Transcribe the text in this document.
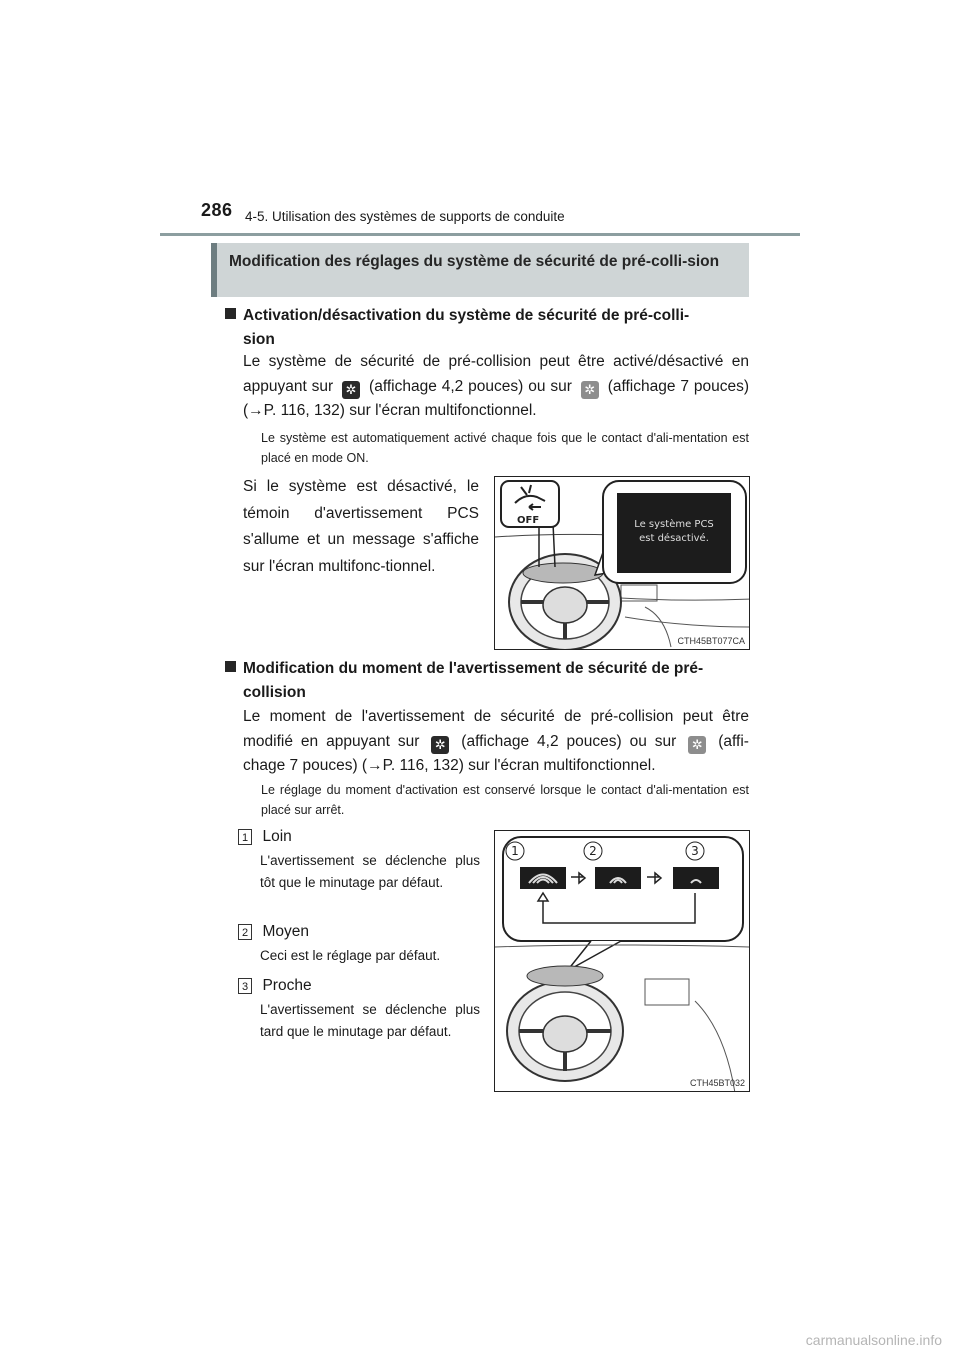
286 4-5. Utilisation des systèmes de supports de conduite
Modification des réglages du système de sécurité de pré-colli-sion
Activation/désactivation du système de sécurité de pré-colli-
sion
Le système de sécurité de pré-collision peut être activé/désactivé en appuyant sur ✲ (affichage 4,2 pouces) ou sur ✲ (affichage 7 pouces) (→P. 116, 132) sur l'écran multifonctionnel.
Le système est automatiquement activé chaque fois que le contact d'ali-mentation est placé en mode ON.
Si le système est désactivé, le témoin d'avertissement PCS s'allume et un message s'affiche sur l'écran multifonc-tionnel.
OFF	Le système PCS
est désactivé.
CTH45BT077CA
Modification du moment de l'avertissement de sécurité de pré-
collision
Le moment de l'avertissement de sécurité de pré-collision peut être modifié en appuyant sur ✲ (affichage 4,2 pouces) ou sur ✲ (affi-chage 7 pouces) (→P. 116, 132) sur l'écran multifonctionnel.
Le réglage du moment d'activation est conservé lorsque le contact d'ali-mentation est placé sur arrêt.
1 Loin
L'avertissement se déclenche plus tôt que le minutage par défaut.
2 Moyen
Ceci est le réglage par défaut.
3 Proche
L'avertissement se déclenche plus tard que le minutage par défaut.
1	2	3
CTH45BT032
carmanualsonline.info
